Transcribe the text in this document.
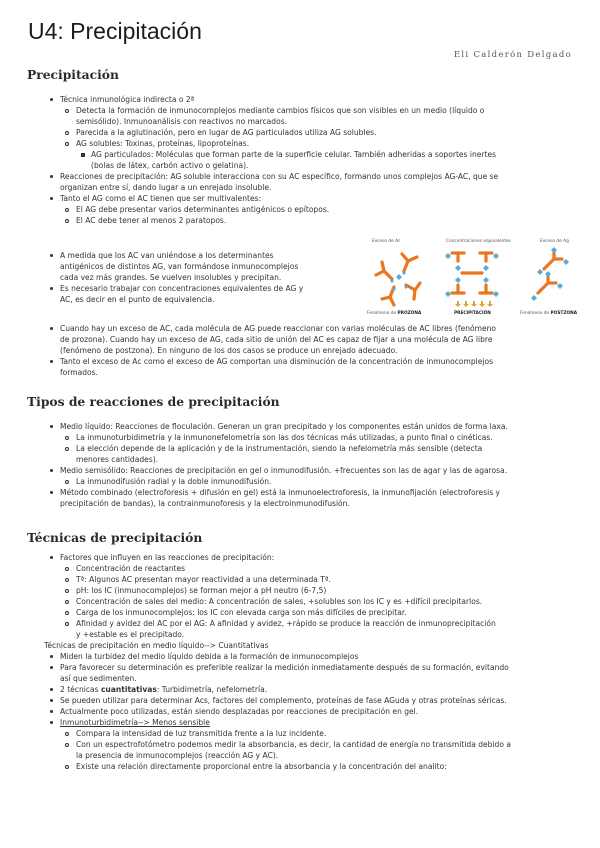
U4: Precipitación
Eli Calderón Delgado
Precipitación
Técnica inmunológica indirecta o 2ª
Detecta la formación de inmunocomplejos mediante cambios físicos que son visibles en un medio (líquido o
semisólido). Inmunoanálisis con reactivos no marcados.
Parecida a la aglutinación, pero en lugar de AG particulados utiliza AG solubles.
AG solubles: Toxinas, proteínas, lipoproteínas.
AG particulados: Moléculas que forman parte de la superficie celular. También adheridas a soportes inertes
(bolas de látex, carbón activo o gelatina).
Reacciones de precipitación: AG soluble interacciona con su AC específico, formando unos complejos AG-AC, que se
organizan entre sí, dando lugar a un enrejado insoluble.
Tanto el AG como el AC tienen que ser multivalentes:
El AG debe presentar varios determinantes antigénicos o epítopos.
El AC debe tener al menos 2 paratopos.
A medida que los AC van uniéndose a los determinantes
antigénicos de distintos AG, van formándose inmunocomplejos
cada vez más grandes. Se vuelven insolubles y precipitan.
Es necesario trabajar con concentraciones equivalentes de AG y
AC, es decir en el punto de equivalencia.
Cuando hay un exceso de AC, cada molécula de AG puede reaccionar con varias moléculas de AC libres (fenómeno
de prozona). Cuando hay un exceso de AG, cada sitio de unión del AC es capaz de fijar a una molécula de AG libre
(fenómeno de postzona). En ninguno de los dos casos se produce un enrejado adecuado.
Tanto el exceso de Ac como el exceso de AG comportan una disminución de la concentración de inmunocomplejos
formados.
Exceso de Ac	Concentraciones equivalentes	Exceso de Ag
Fenómeno de PROZONA	PRECIPITACIÓN	Fenómeno de POSTZONA
Tipos de reacciones de precipitación
Medio líquido: Reacciones de floculación. Generan un gran precipitado y los componentes están unidos de forma laxa.
La inmunoturbidimetría y la inmunonefelometría son las dos técnicas más utilizadas, a punto final o cinéticas.
La elección depende de la aplicación y de la instrumentación, siendo la nefelometría más sensible (detecta
menores cantidades).
Medio semisólido: Reacciones de precipitación en gel o inmunodifusión. +frecuentes son las de agar y las de agarosa.
La inmunodifusión radial y la doble inmunodifusión.
Método combinado (electroforesis + difusión en gel) está la inmunoelectroforesis, la inmunofijación (electroforesis y
precipitación de bandas), la contrainmunoforesis y la electroinmunodifusión.
Técnicas de precipitación
Factores que influyen en las reacciones de precipitación:
Concentración de reactantes
Tª: Algunos AC presentan mayor reactividad a una determinada Tª.
pH: los IC (inmunocomplejos) se forman mejor a pH neutro (6-7,5)
Concentración de sales del medio: A concentración de sales, +solubles son los IC y es +difícil precipitarlos.
Carga de los inmunocomplejos: los IC con elevada carga son más difíciles de precipitar.
Afinidad y avidez del AC por el AG: A afinidad y avidez, +rápido se produce la reacción de inmunoprecipitación
y +estable es el precipitado.
Técnicas de precipitación en medio líquido--> Cuantitativas
Miden la turbidez del medio líquido debida a la formación de inmunocomplejos
Para favorecer su determinación es preferible realizar la medición inmediatamente después de su formación, evitando
así que sedimenten.
2 técnicas cuantitativas: Turbidimetría, nefelometría.
Se pueden utilizar para determinar Acs, factores del complemento, proteínas de fase AGuda y otras proteínas séricas.
Actualmente poco utilizadas, están siendo desplazadas por reacciones de precipitación en gel.
Inmunoturbidimetría--> Menos sensible
Compara la intensidad de luz transmitida frente a la luz incidente.
Con un espectrofotómetro podemos medir la absorbancia, es decir, la cantidad de energía no transmitida debido a
la presencia de inmunocomplejos (reacción AG y AC).
Existe una relación directamente proporcional entre la absorbancia y la concentración del analito:
